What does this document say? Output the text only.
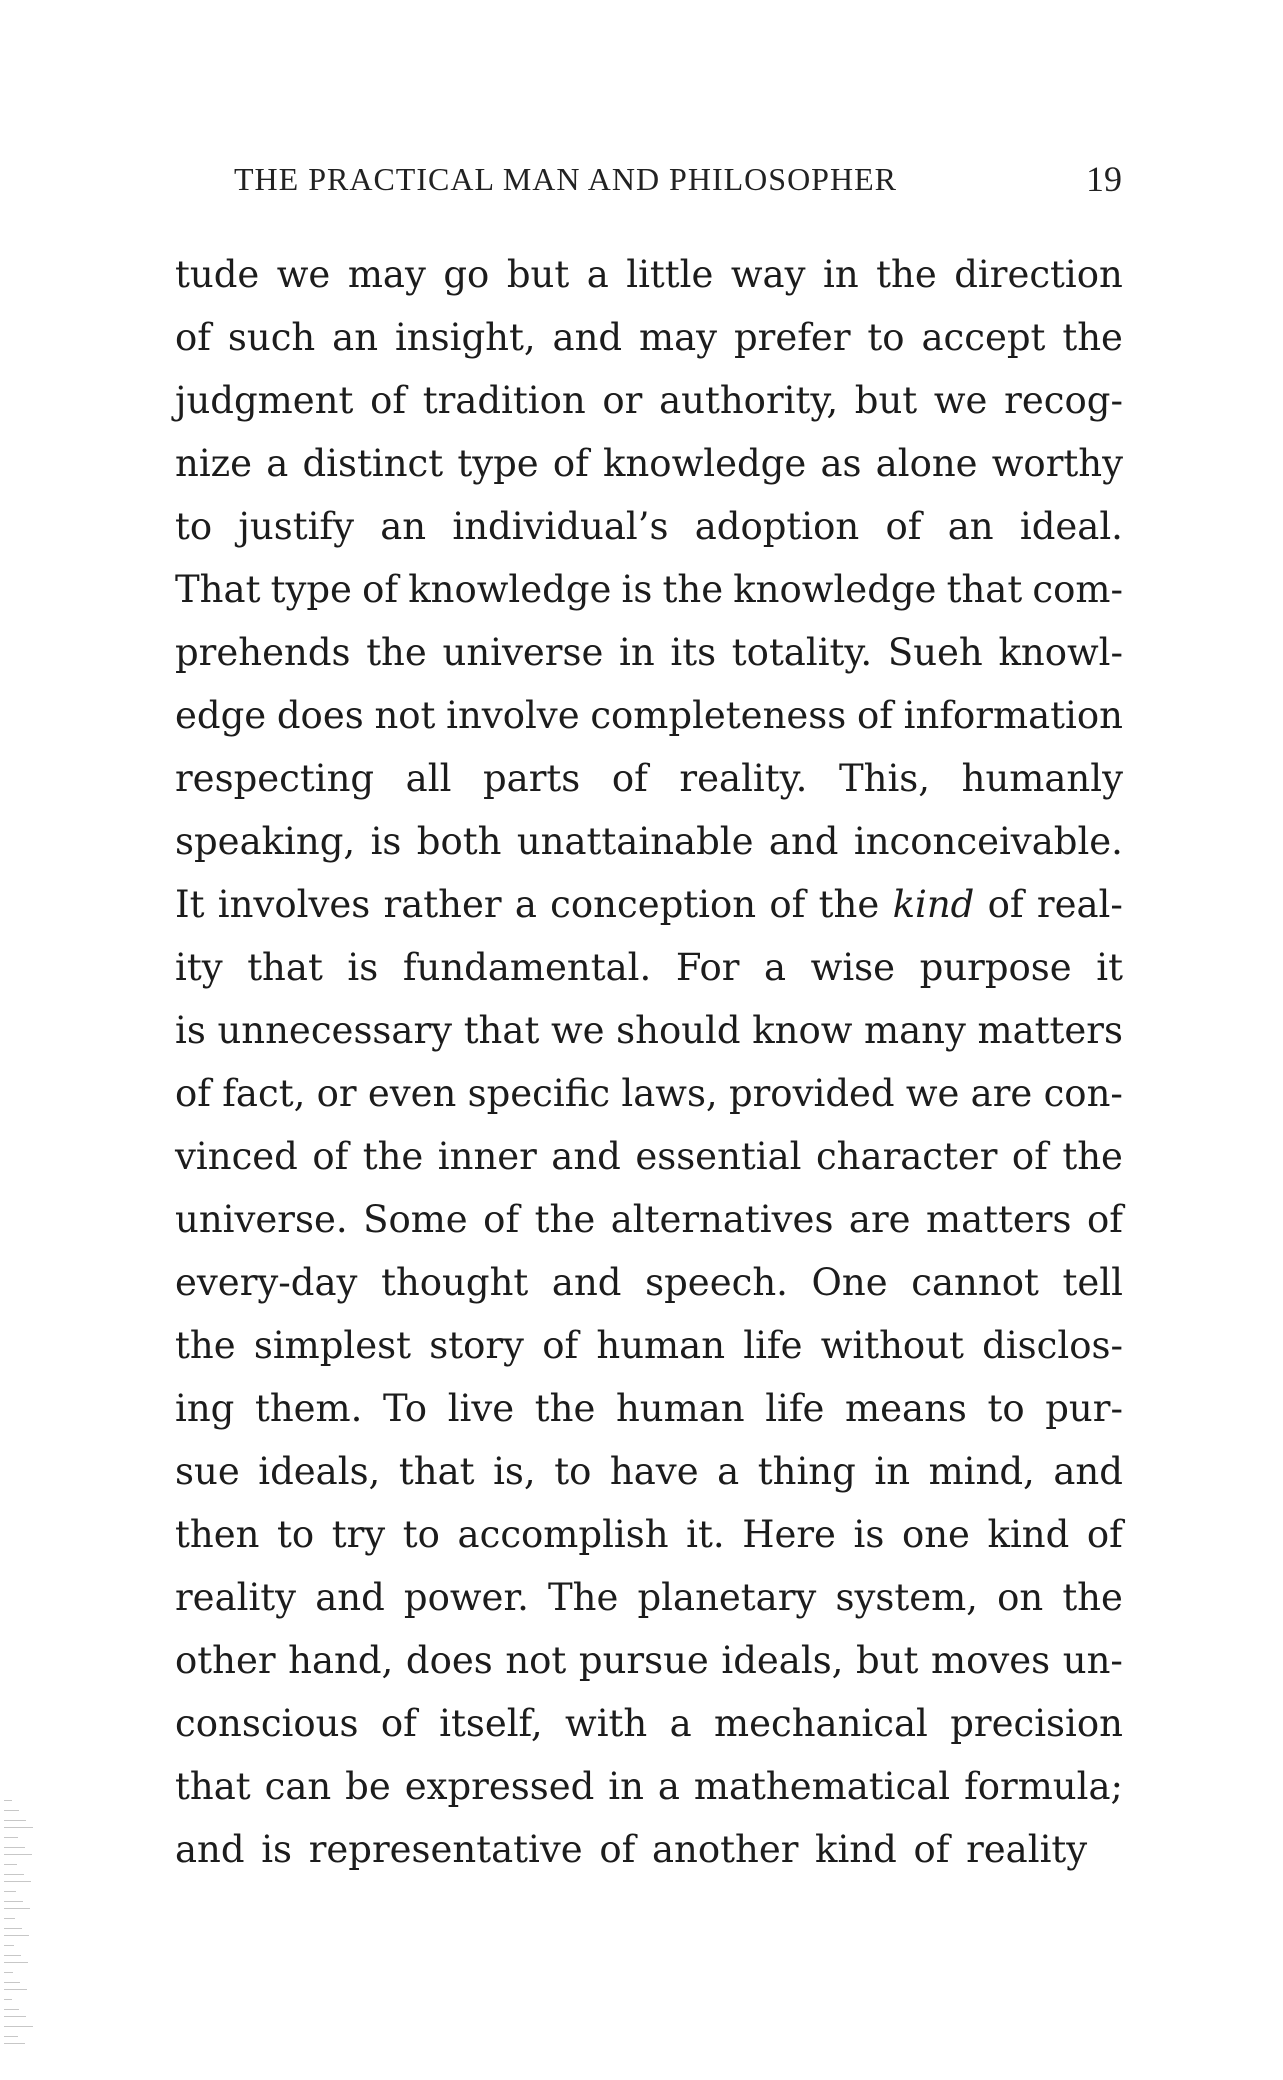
THE PRACTICAL MAN AND PHILOSOPHER	19
tude we may go but a little way in the direction
of such an insight, and may prefer to accept the
judgment of tradition or authority, but we recog-
nize a distinct type of knowledge as alone worthy
to justify an individual’s adoption of an ideal.
That type of knowledge is the knowledge that com-
prehends the universe in its totality. Sueh knowl-
edge does not involve completeness of information
respecting all parts of reality. This, humanly
speaking, is both unattainable and inconceivable.
It involves rather a conception of the kind of real-
ity that is fundamental. For a wise purpose it
is unnecessary that we should know many matters
of fact, or even specific laws, provided we are con-
vinced of the inner and essential character of the
universe. Some of the alternatives are matters of
every-day thought and speech. One cannot tell
the simplest story of human life without disclos-
ing them. To live the human life means to pur-
sue ideals, that is, to have a thing in mind, and
then to try to accomplish it. Here is one kind of
reality and power. The planetary system, on the
other hand, does not pursue ideals, but moves un-
conscious of itself, with a mechanical precision
that can be expressed in a mathematical formula;
and is representative of another kind of reality
